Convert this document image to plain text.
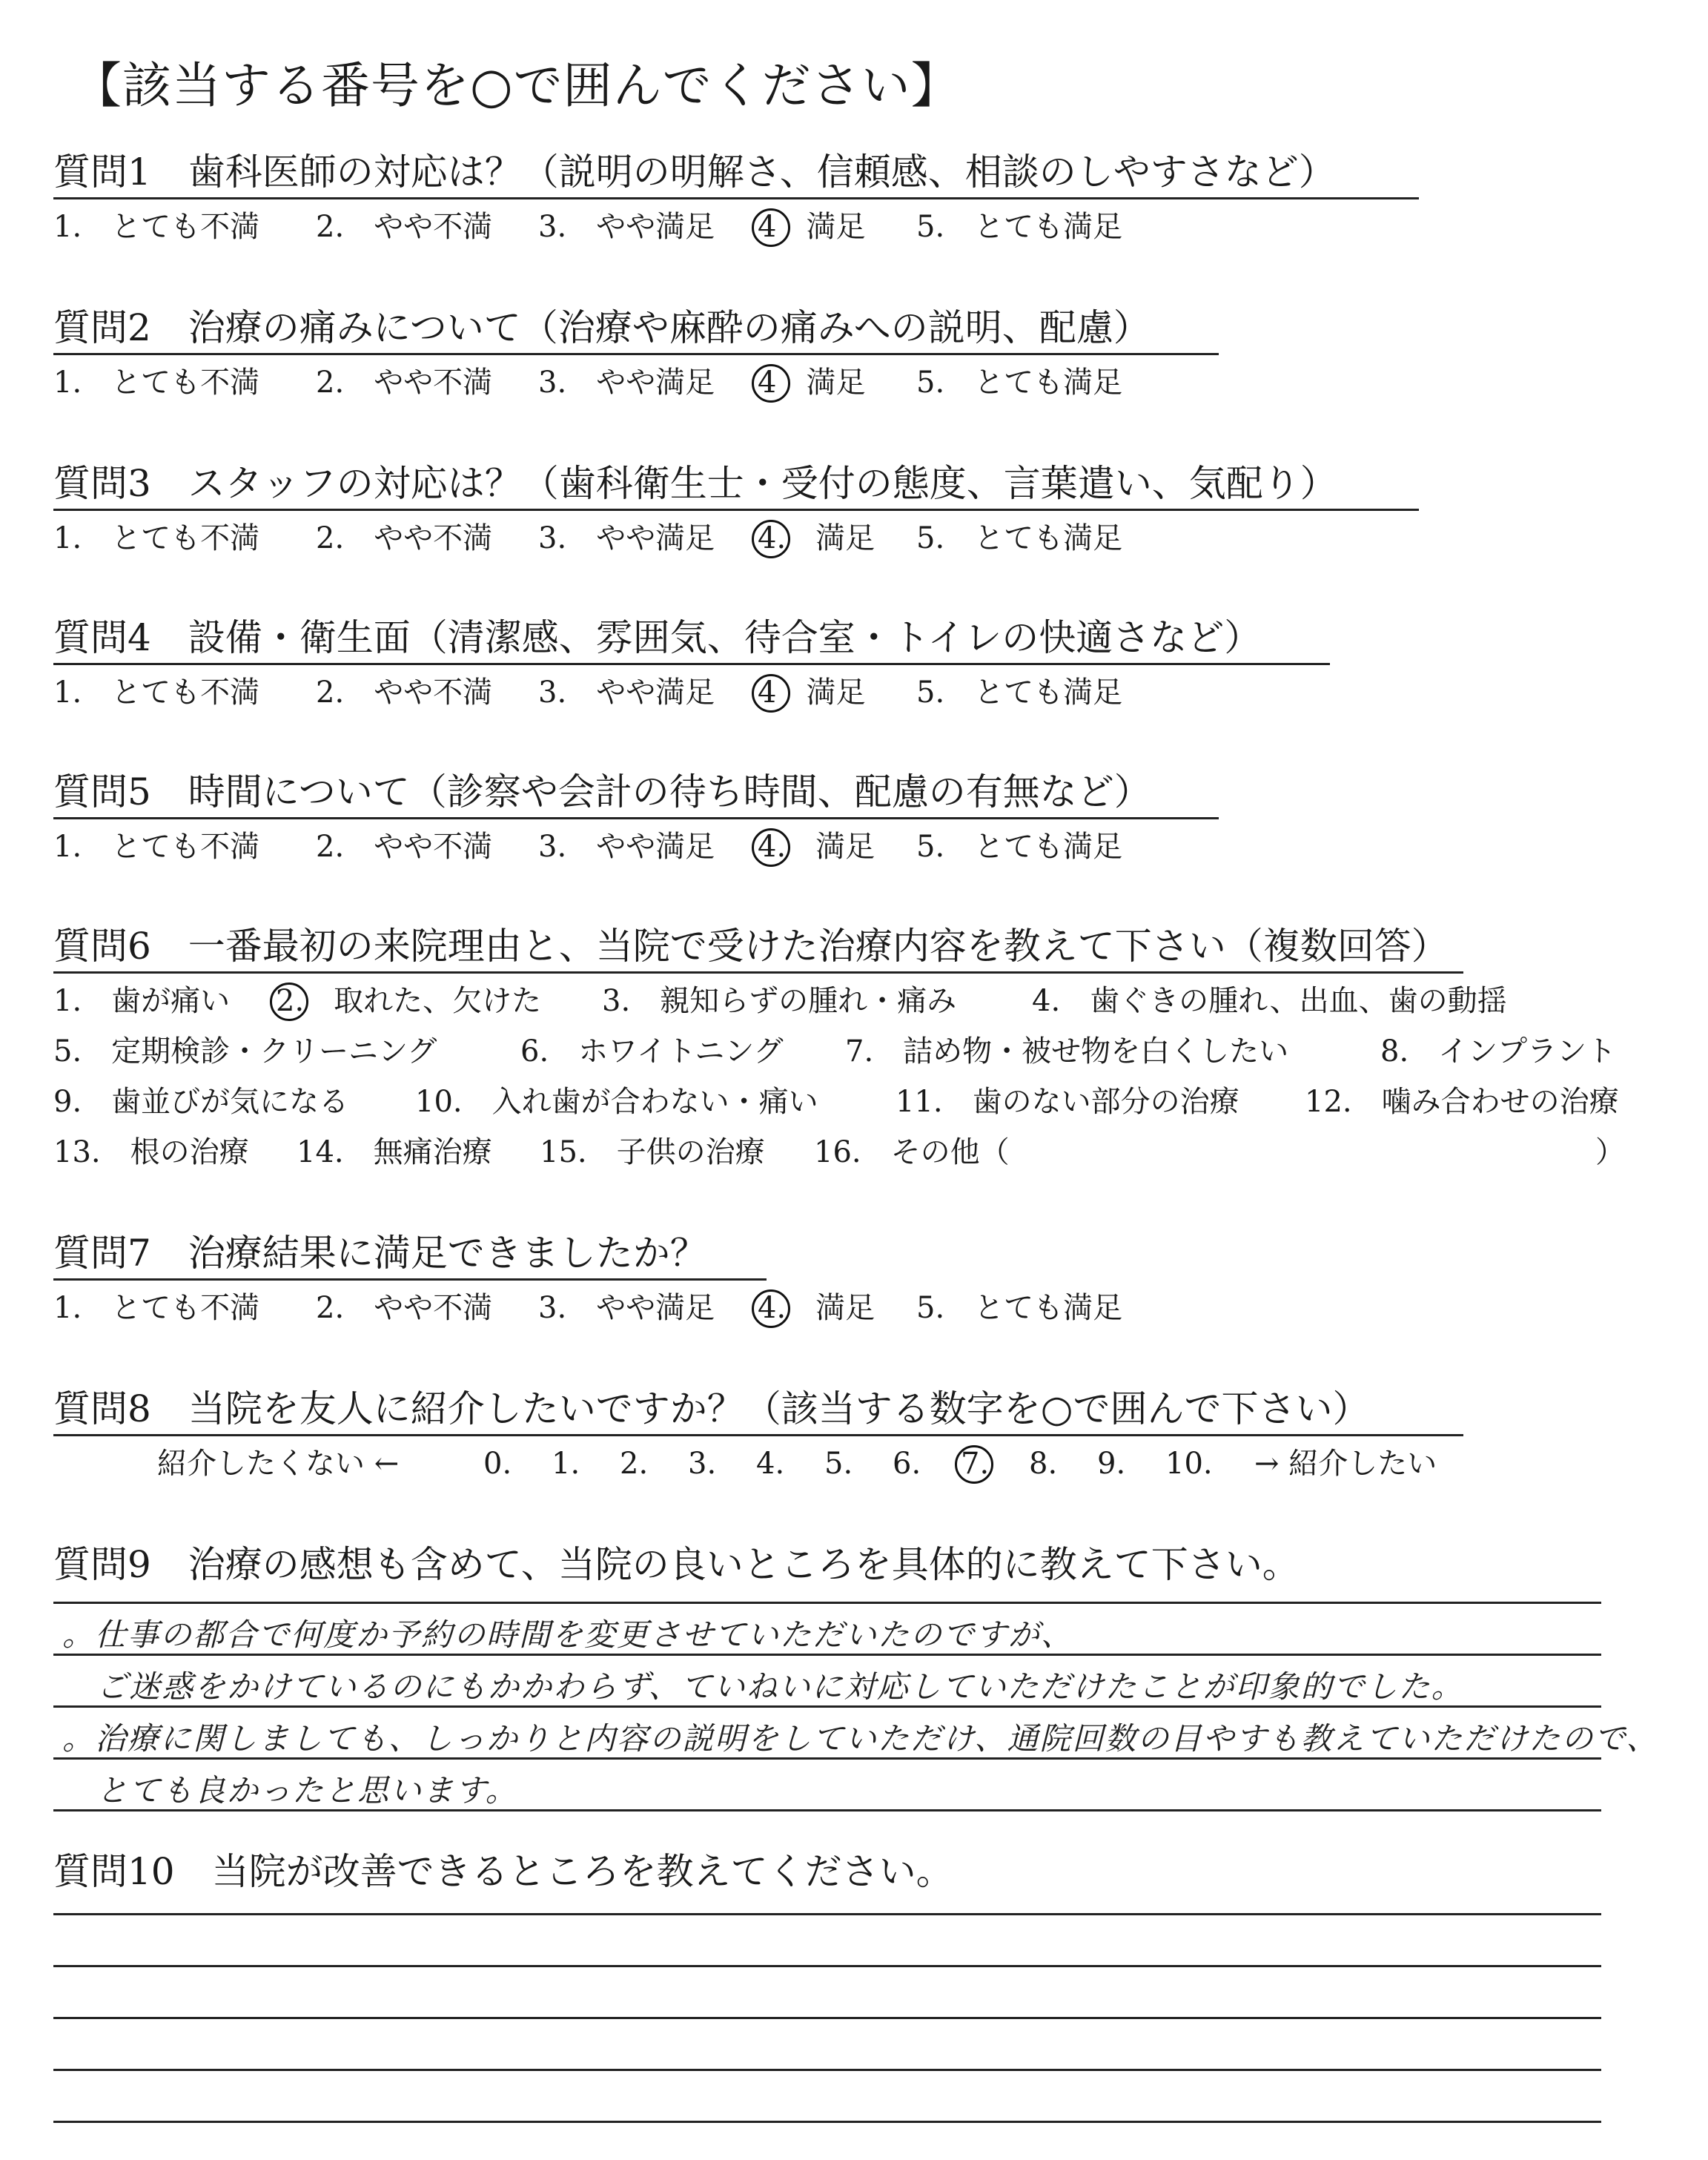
【該当する番号を○で囲んでください】
質問1　歯科医師の対応は？（説明の明解さ、信頼感、相談のしやすさなど）
1.　 とても不満 2.　 やや不満 3.　 やや満足 4　 満足 5.　 とても満足
質問2　治療の痛みについて（治療や麻酔の痛みへの説明、配慮）
1.　 とても不満 2.　 やや不満 3.　 やや満足 4　 満足 5.　 とても満足
質問3　スタッフの対応は？（歯科衛生士・受付の態度、言葉遣い、気配り）
1.　 とても不満 2.　 やや不満 3.　 やや満足 4.　 満足 5.　 とても満足
質問4　設備・衛生面（清潔感、雰囲気、待合室・トイレの快適さなど）
1.　 とても不満 2.　 やや不満 3.　 やや満足 4　 満足 5.　 とても満足
質問5　時間について（診察や会計の待ち時間、配慮の有無など）
1.　 とても不満 2.　 やや不満 3.　 やや満足 4.　 満足 5.　 とても満足
質問6　一番最初の来院理由と、当院で受けた治療内容を教えて下さい（複数回答）
1.　 歯が痛い 2.　 取れた、欠けた 3.　 親知らずの腫れ・痛み	4.　 歯ぐきの腫れ、出血、歯の動揺
5.　 定期検診・クリーニング	6.　 ホワイトニング 7.　 詰め物・被せ物を白くしたい	8.　 インプラント
9.　 歯並びが気になる 10.　 入れ歯が合わない・痛い	11.　 歯のない部分の治療 12.　 噛み合わせの治療
13.　 根の治療 14.　 無痛治療 15.　 子供の治療 16.　 その他（	）
質問7　治療結果に満足できましたか？
1.　 とても不満 2.　 やや不満 3.　 やや満足 4.　 満足 5.　 とても満足
質問8　当院を友人に紹介したいですか？（該当する数字を○で囲んで下さい）
紹介したくない ←	0. 1. 2. 3. 4. 5. 6. 7. 8. 9. 10. → 紹介したい
質問9　治療の感想も含めて、当院の良いところを具体的に教えて下さい。
。仕事の都合で何度か予約の時間を変更させていただいたのですが、
ご迷惑をかけているのにもかかわらず、ていねいに対応していただけたことが印象的でした。
。治療に関しましても、しっかりと内容の説明をしていただけ、通院回数の目やすも教えていただけたので、
とても良かったと思います。
質問10　当院が改善できるところを教えてください。
